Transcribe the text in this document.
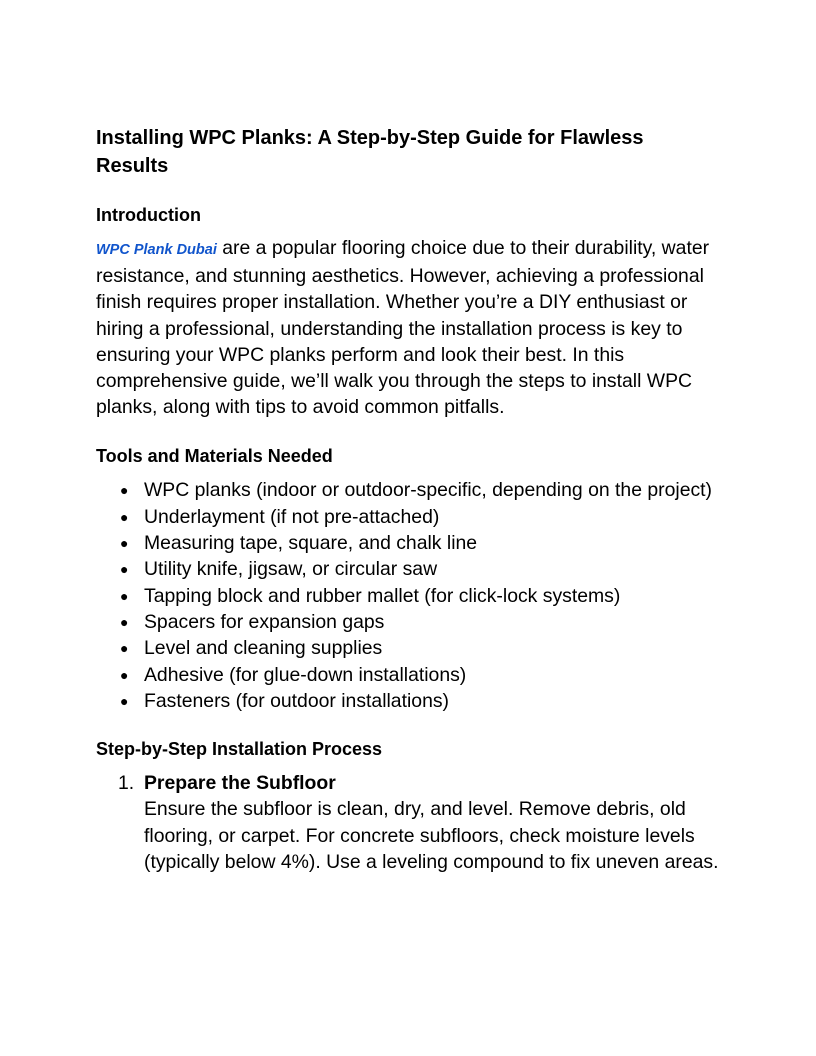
Installing WPC Planks: A Step-by-Step Guide for Flawless Results
Introduction

WPC Plank Dubai are a popular flooring choice due to their durability, water resistance, and stunning aesthetics. However, achieving a professional finish requires proper installation. Whether you’re a DIY enthusiast or hiring a professional, understanding the installation process is key to ensuring your WPC planks perform and look their best. In this comprehensive guide, we’ll walk you through the steps to install WPC planks, along with tips to avoid common pitfalls.

Tools and Materials Needed
● WPC planks (indoor or outdoor-specific, depending on the project)
● Underlayment (if not pre-attached)
● Measuring tape, square, and chalk line
● Utility knife, jigsaw, or circular saw
● Tapping block and rubber mallet (for click-lock systems)
● Spacers for expansion gaps
● Level and cleaning supplies
● Adhesive (for glue-down installations)
● Fasteners (for outdoor installations)
Step-by-Step Installation Process
1. Prepare the Subfloor
Ensure the subfloor is clean, dry, and level. Remove debris, old flooring, or carpet. For concrete subfloors, check moisture levels (typically below 4%). Use a leveling compound to fix uneven areas.
